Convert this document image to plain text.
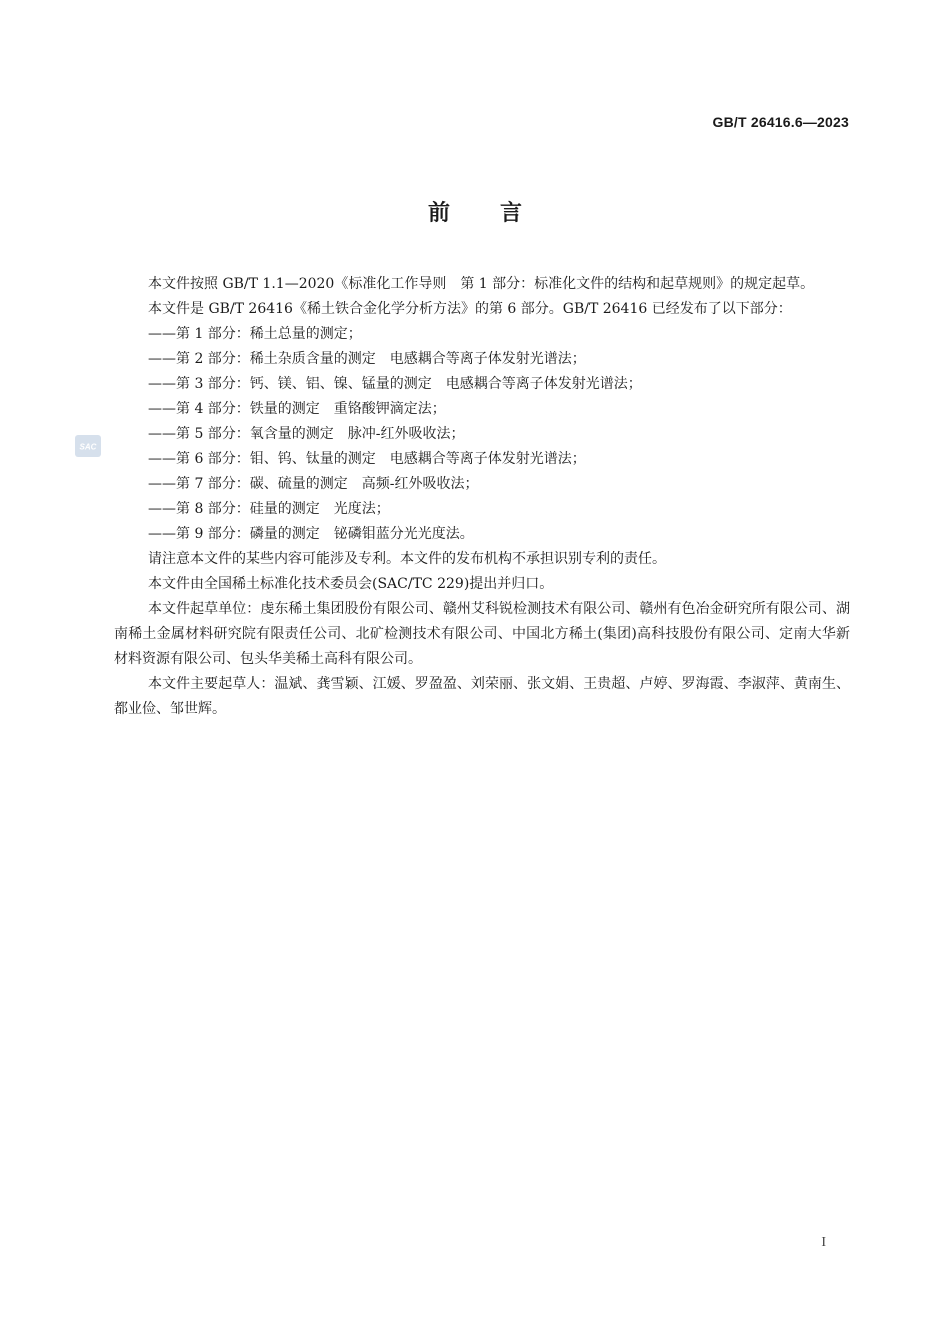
GB/T 26416.6—2023
前言
SAC

本文件按照 GB/T 1.1—2020《标准化工作导则　第 1 部分：标准化文件的结构和起草规则》的规定起草。

本文件是 GB/T 26416《稀土铁合金化学分析方法》的第 6 部分。GB/T 26416 已经发布了以下部分：

——第 1 部分：稀土总量的测定；
——第 2 部分：稀土杂质含量的测定　电感耦合等离子体发射光谱法；
——第 3 部分：钙、镁、铝、镍、锰量的测定　电感耦合等离子体发射光谱法；
——第 4 部分：铁量的测定　重铬酸钾滴定法；
——第 5 部分：氧含量的测定　脉冲-红外吸收法；
——第 6 部分：钼、钨、钛量的测定　电感耦合等离子体发射光谱法；
——第 7 部分：碳、硫量的测定　高频-红外吸收法；
——第 8 部分：硅量的测定　光度法；
——第 9 部分：磷量的测定　铋磷钼蓝分光光度法。

请注意本文件的某些内容可能涉及专利。本文件的发布机构不承担识别专利的责任。

本文件由全国稀土标准化技术委员会(SAC/TC 229)提出并归口。

本文件起草单位：虔东稀土集团股份有限公司、赣州艾科锐检测技术有限公司、赣州有色冶金研究所有限公司、湖南稀土金属材料研究院有限责任公司、北矿检测技术有限公司、中国北方稀土(集团)高科技股份有限公司、定南大华新材料资源有限公司、包头华美稀土高科有限公司。

本文件主要起草人：温斌、龚雪颖、江媛、罗盈盈、刘荣丽、张文娟、王贵超、卢婷、罗海霞、李淑萍、黄南生、都业俭、邹世辉。

I
